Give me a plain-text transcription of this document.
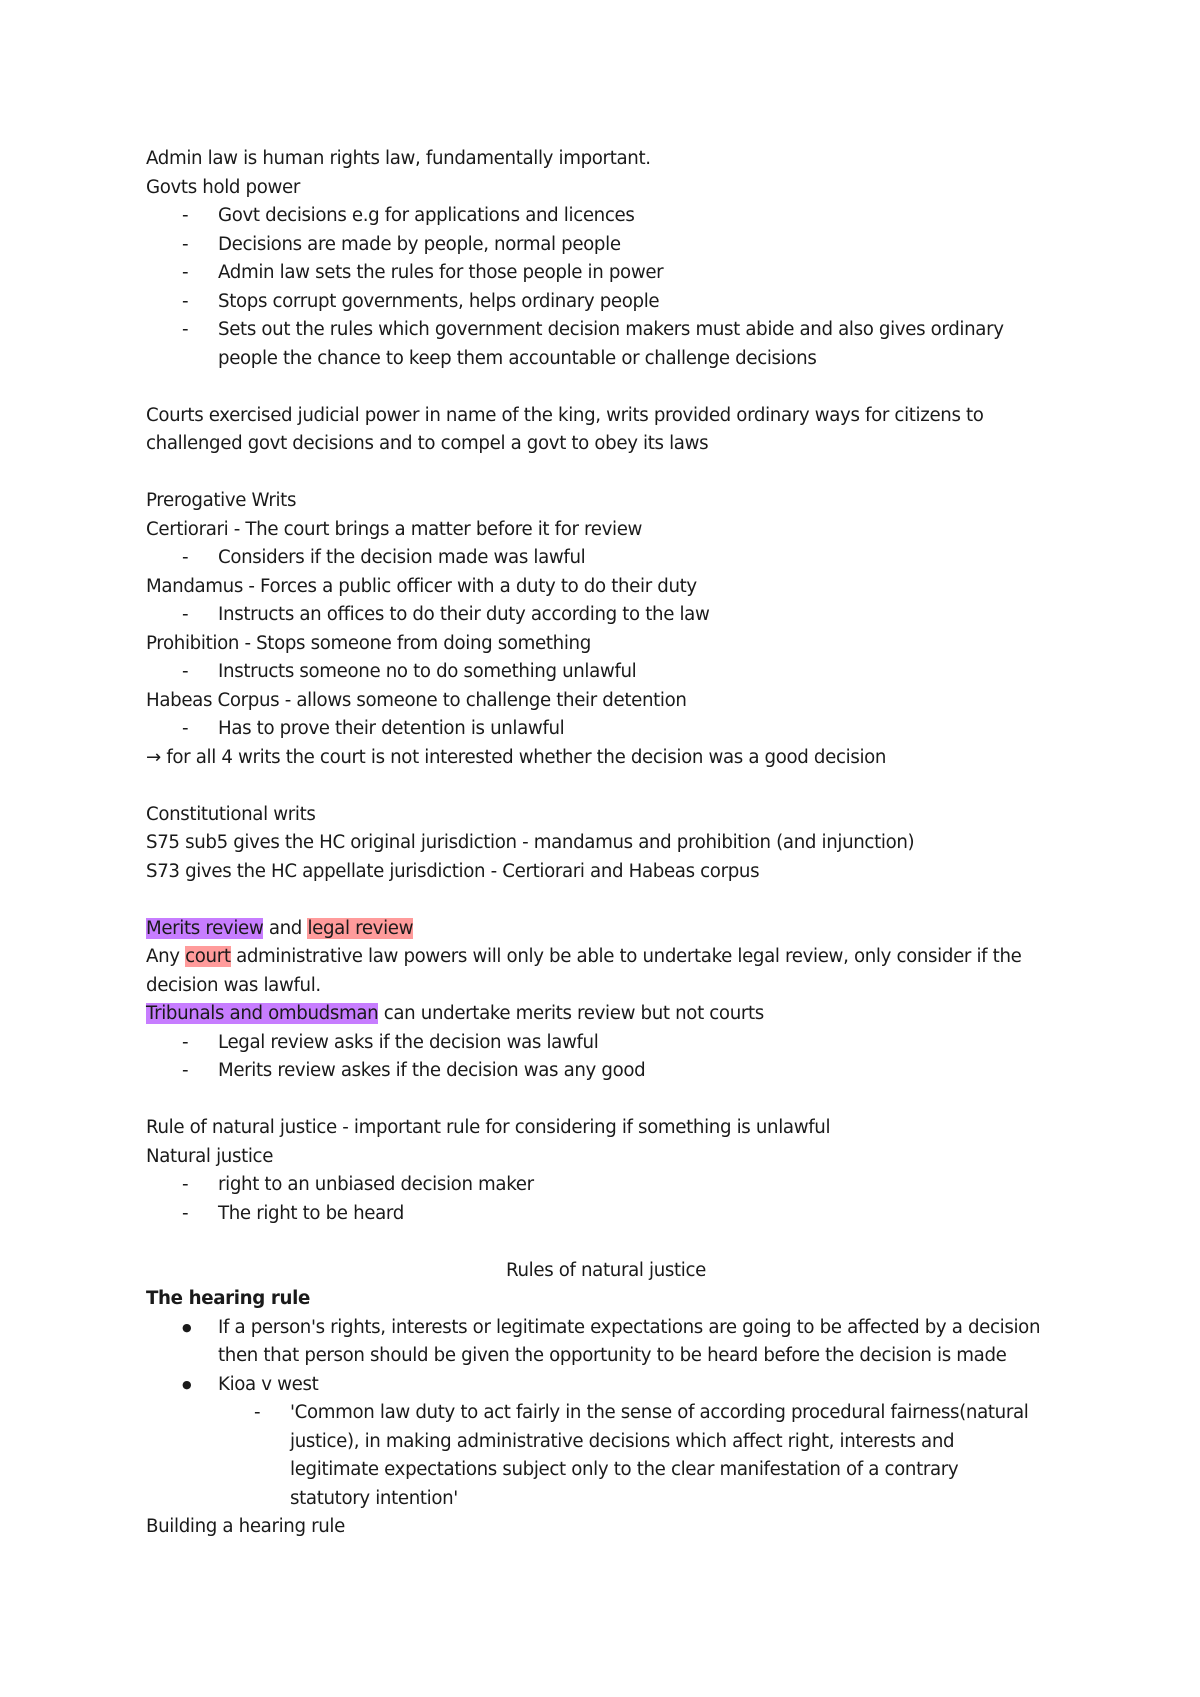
Admin law is human rights law, fundamentally important.
Govts hold power
- Govt decisions e.g for applications and licences
- Decisions are made by people, normal people
- Admin law sets the rules for those people in power
- Stops corrupt governments, helps ordinary people
- Sets out the rules which government decision makers must abide and also gives ordinary
people the chance to keep them accountable or challenge decisions
Courts exercised judicial power in name of the king, writs provided ordinary ways for citizens to
challenged govt decisions and to compel a govt to obey its laws
Prerogative Writs
Certiorari - The court brings a matter before it for review
- Considers if the decision made was lawful
Mandamus - Forces a public officer with a duty to do their duty
- Instructs an offices to do their duty according to the law
Prohibition - Stops someone from doing something
- Instructs someone no to do something unlawful
Habeas Corpus - allows someone to challenge their detention
- Has to prove their detention is unlawful
→ for all 4 writs the court is not interested whether the decision was a good decision
Constitutional writs
S75 sub5 gives the HC original jurisdiction - mandamus and prohibition (and injunction)
S73 gives the HC appellate jurisdiction - Certiorari and Habeas corpus
Merits review and legal review
Any court administrative law powers will only be able to undertake legal review, only consider if the
decision was lawful.
Tribunals and ombudsman can undertake merits review but not courts
- Legal review asks if the decision was lawful
- Merits review askes if the decision was any good
Rule of natural justice - important rule for considering if something is unlawful
Natural justice
- right to an unbiased decision maker
- The right to be heard
Rules of natural justice
The hearing rule
● If a person's rights, interests or legitimate expectations are going to be affected by a decision
then that person should be given the opportunity to be heard before the decision is made
● Kioa v west
- 'Common law duty to act fairly in the sense of according procedural fairness(natural
justice), in making administrative decisions which affect right, interests and
legitimate expectations subject only to the clear manifestation of a contrary
statutory intention'
Building a hearing rule
